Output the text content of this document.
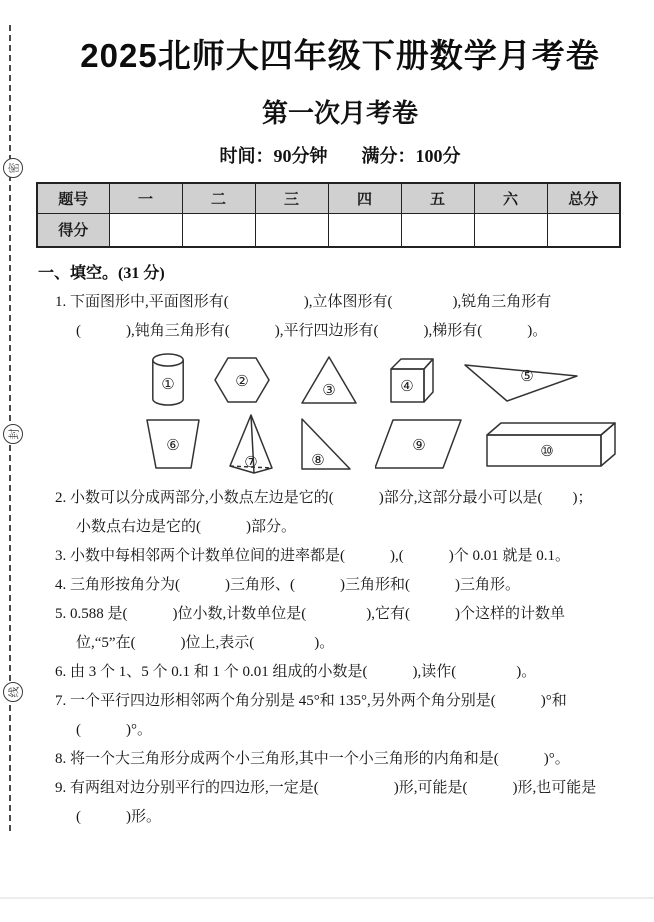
密
封
线
2025北师大四年级下册数学月考卷
第一次月考卷
时间：90分钟 满分：100分
题号	一	二	三	四	五	六	总分
得分							
一、填空。(31 分)
1. 下面图形中,平面图形有(　　　　　),立体图形有(　　　　),锐角三角形有
(　　　),钝角三角形有(　　　),平行四边形有(　　　),梯形有(　　　)。
①	②	③	④
⑤
⑥
⑦	⑧
⑨	⑩
2. 小数可以分成两部分,小数点左边是它的(　　　)部分,这部分最小可以是(　　)；
小数点右边是它的(　　　)部分。
3. 小数中每相邻两个计数单位间的进率都是(　　　),(　　　)个 0.01 就是 0.1。
4. 三角形按角分为(　　　)三角形、(　　　)三角形和(　　　)三角形。
5. 0.588 是(　　　)位小数,计数单位是(　　　　),它有(　　　)个这样的计数单
位,“5”在(　　　)位上,表示(　　　　)。
6. 由 3 个 1、5 个 0.1 和 1 个 0.01 组成的小数是(　　　),读作(　　　　)。
7. 一个平行四边形相邻两个角分别是 45°和 135°,另外两个角分别是(　　　)°和
(　　　)°。
8. 将一个大三角形分成两个小三角形,其中一个小三角形的内角和是(　　　)°。
9. 有两组对边分别平行的四边形,一定是(　　　　　)形,可能是(　　　)形,也可能是
(　　　)形。
